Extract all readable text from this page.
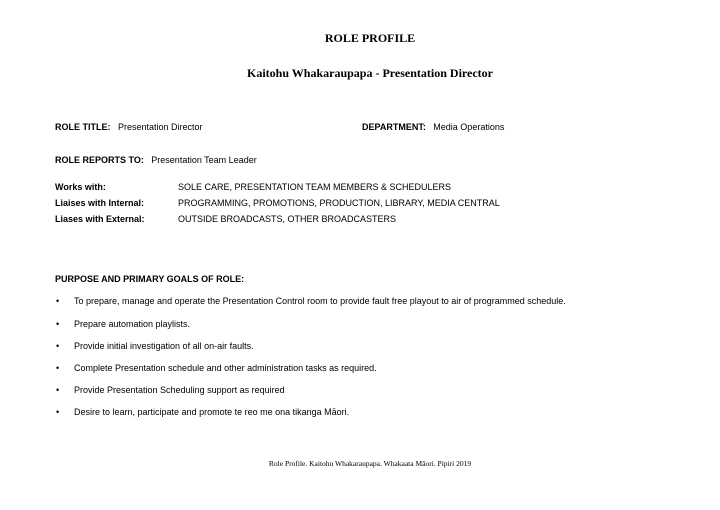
ROLE PROFILE
Kaitohu Whakaraupapa - Presentation Director
ROLE TITLE: Presentation Director	DEPARTMENT: Media Operations
ROLE REPORTS TO: Presentation Team Leader
Works with:	SOLE CARE, PRESENTATION TEAM MEMBERS & SCHEDULERS
Liaises with Internal:	PROGRAMMING, PROMOTIONS, PRODUCTION, LIBRARY, MEDIA CENTRAL
Liases with External:	OUTSIDE BROADCASTS, OTHER BROADCASTERS
PURPOSE AND PRIMARY GOALS OF ROLE:
• To prepare, manage and operate the Presentation Control room to provide fault free playout to air of programmed schedule.
• Prepare automation playlists.
• Provide initial investigation of all on-air faults.
• Complete Presentation schedule and other administration tasks as required.
• Provide Presentation Scheduling support as required
• Desire to learn, participate and promote te reo me ona tikanga Māori.
Role Profile. Kaitohu Whakaraupapa. Whakaata Māori. Pipiri 2019
